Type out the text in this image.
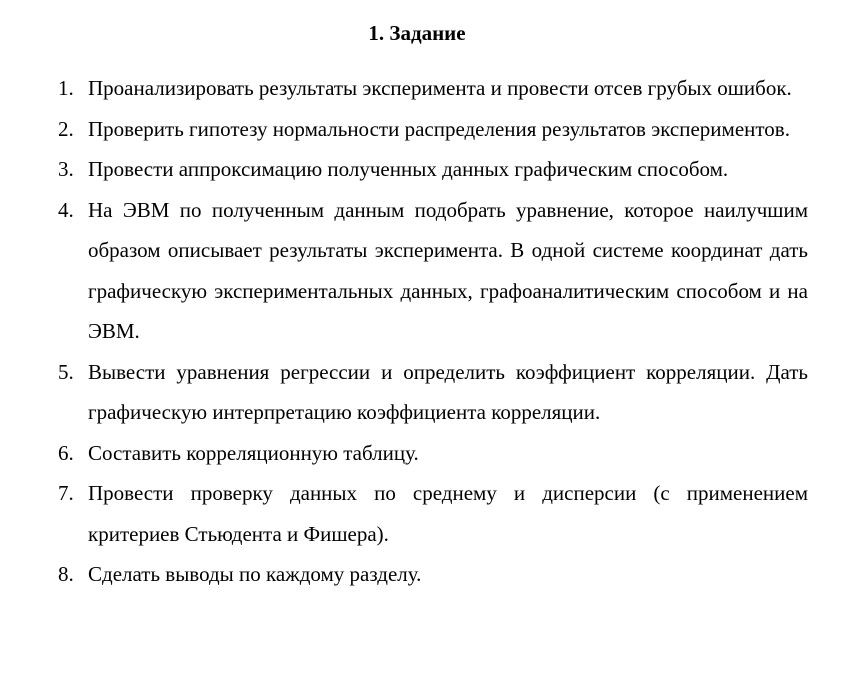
1. Задание
1. Проанализировать результаты эксперимента и провести отсев грубых ошибок.
2. Проверить гипотезу нормальности распределения результатов экспериментов.
3. Провести аппроксимацию полученных данных графическим способом.
4. На ЭВМ по полученным данным подобрать уравнение, которое наилучшим образом описывает результаты эксперимента. В одной системе координат дать графическую экспериментальных данных, графоаналитическим способом и на ЭВМ.
5. Вывести уравнения регрессии и определить коэффициент корреляции. Дать графическую интерпретацию коэффициента корреляции.
6. Составить корреляционную таблицу.
7. Провести проверку данных по среднему и дисперсии (с применением критериев Стьюдента и Фишера).
8. Сделать выводы по каждому разделу.
